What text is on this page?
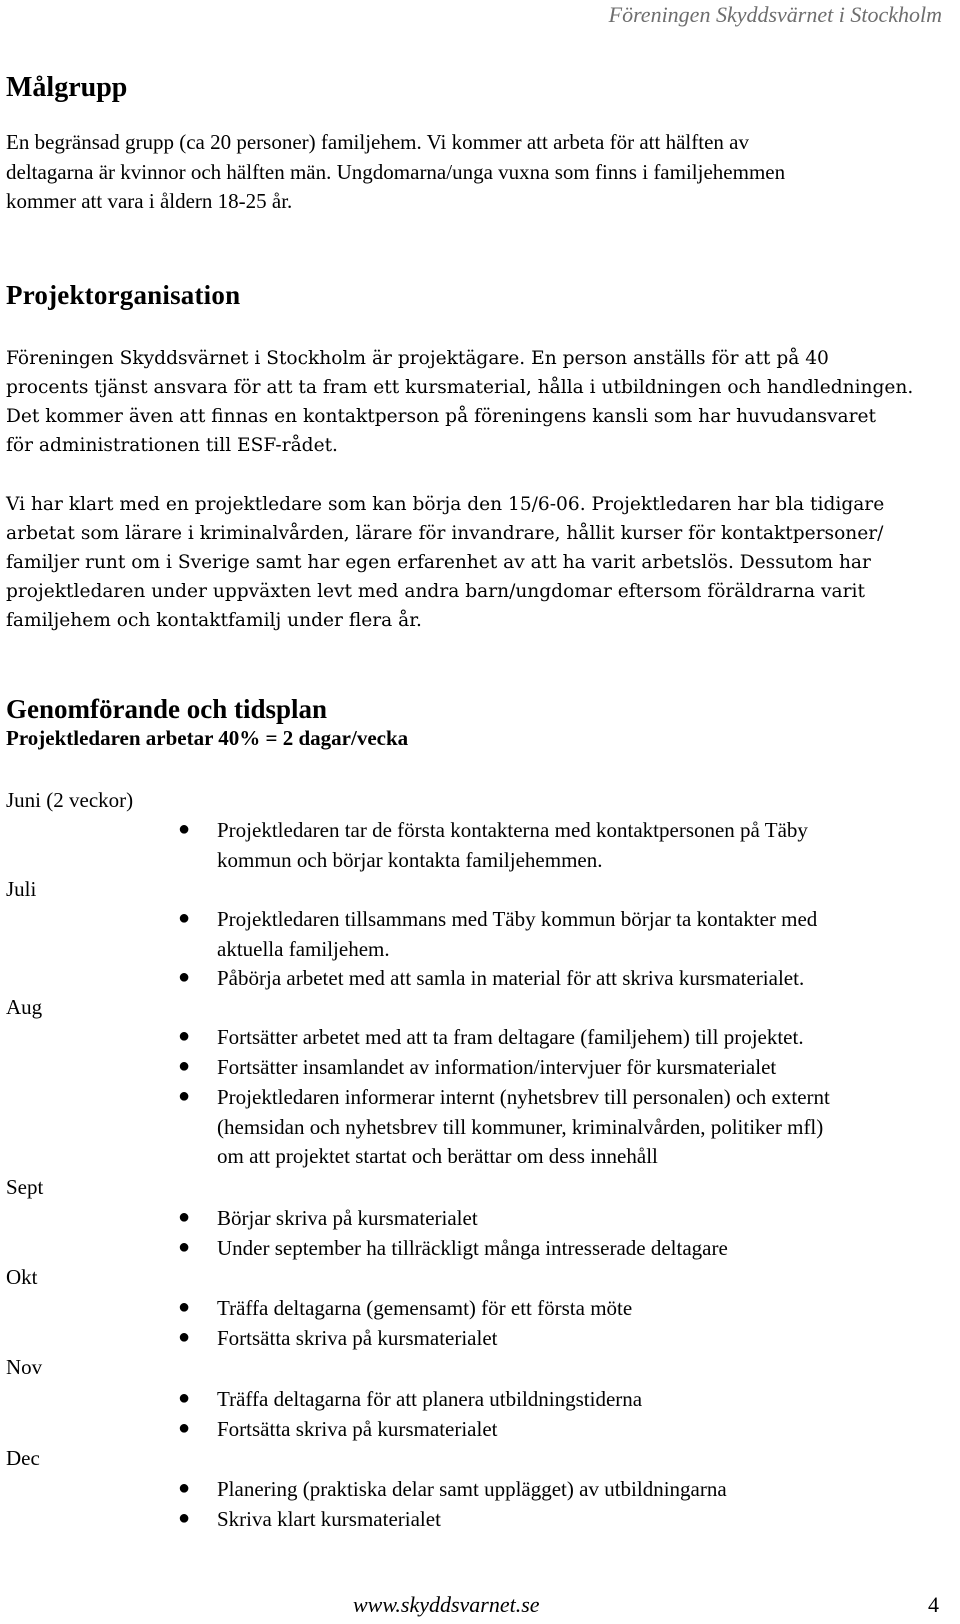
Föreningen Skyddsvärnet i Stockholm
Målgrupp

En begränsad grupp (ca 20 personer) familjehem. Vi kommer att arbeta för att hälften av
deltagarna är kvinnor och hälften män. Ungdomarna/unga vuxna som finns i familjehemmen
kommer att vara i åldern 18-25 år.

Projektorganisation

Föreningen Skyddsvärnet i Stockholm är projektägare. En person anställs för att på 40
procents tjänst ansvara för att ta fram ett kursmaterial, hålla i utbildningen och handledningen.
Det kommer även att finnas en kontaktperson på föreningens kansli som har huvudansvaret
för administrationen till ESF-rådet.

Vi har klart med en projektledare som kan börja den 15/6-06. Projektledaren har bla tidigare
arbetat som lärare i kriminalvården, lärare för invandrare, hållit kurser för kontaktpersoner/
familjer runt om i Sverige samt har egen erfarenhet av att ha varit arbetslös. Dessutom har
projektledaren under uppväxten levt med andra barn/ungdomar eftersom föräldrarna varit
familjehem och kontaktfamilj under flera år.

Genomförande och tidsplan
Projektledaren arbetar 40% = 2 dagar/vecka
Juni (2 veckor)
Juli
Aug
Sept
Okt
Nov
Dec
● Projektledaren tar de första kontakterna med kontaktpersonen på Täby
kommun och börjar kontakta familjehemmen.

● Projektledaren tillsammans med Täby kommun börjar ta kontakter med
aktuella familjehem.

● Påbörja arbetet med att samla in material för att skriva kursmaterialet.

● Fortsätter arbetet med att ta fram deltagare (familjehem) till projektet.

● Fortsätter insamlandet av information/intervjuer för kursmaterialet

● Projektledaren informerar internt (nyhetsbrev till personalen) och externt
(hemsidan och nyhetsbrev till kommuner, kriminalvården, politiker mfl)
om att projektet startat och berättar om dess innehåll

● Börjar skriva på kursmaterialet

● Under september ha tillräckligt många intresserade deltagare

● Träffa deltagarna (gemensamt) för ett första möte

● Fortsätta skriva på kursmaterialet

● Träffa deltagarna för att planera utbildningstiderna

● Fortsätta skriva på kursmaterialet

● Planering (praktiska delar samt upplägget) av utbildningarna

● Skriva klart kursmaterialet

www.skyddsvarnet.se	4
